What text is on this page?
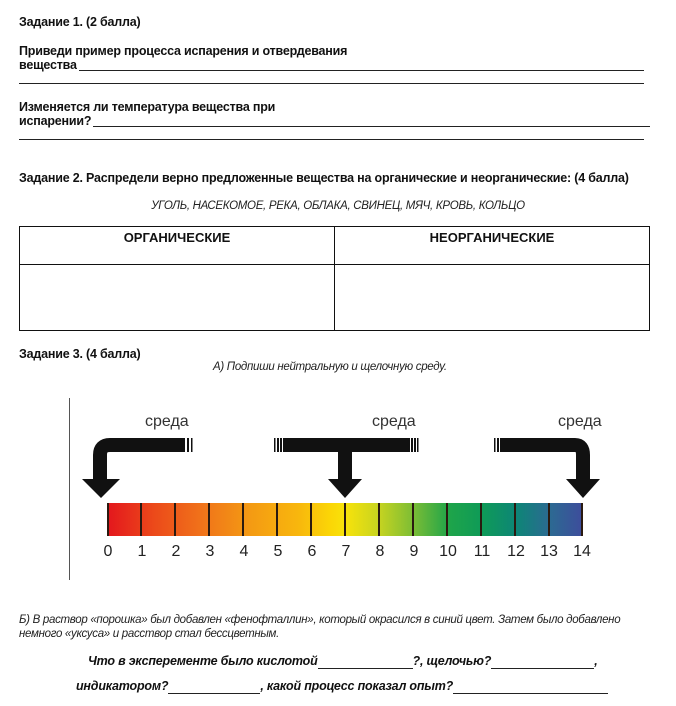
Задание 1. (2 балла)
Приведи пример процесса испарения и отвердевания
вещества
Изменяется ли температура вещества при
испарении?
Задание 2. Распредели верно предложенные вещества на органические и неорганические: (4 балла)
УГОЛЬ, НАСЕКОМОЕ, РЕКА, ОБЛАКА, СВИНЕЦ, МЯЧ, КРОВЬ, КОЛЬЦО
ОРГАНИЧЕСКИЕ	НЕОРГАНИЧЕСКИЕ

Задание 3. (4 балла)
А) Подпиши нейтральную и щелочную среду.
среда	среда	среда
0 1 2 3 4 5 6 7 8 9 10 11 12 13 14
Б) В раствор «порошка» был добавлен «фенофталлин», который окрасился в синий цвет. Затем было добавлено
немного «уксуса» и расствор стал бессцветным.
Что в эксперементе было кислотой	?, щелочью?	,
индикатором?	, какой процесс показал опыт?
